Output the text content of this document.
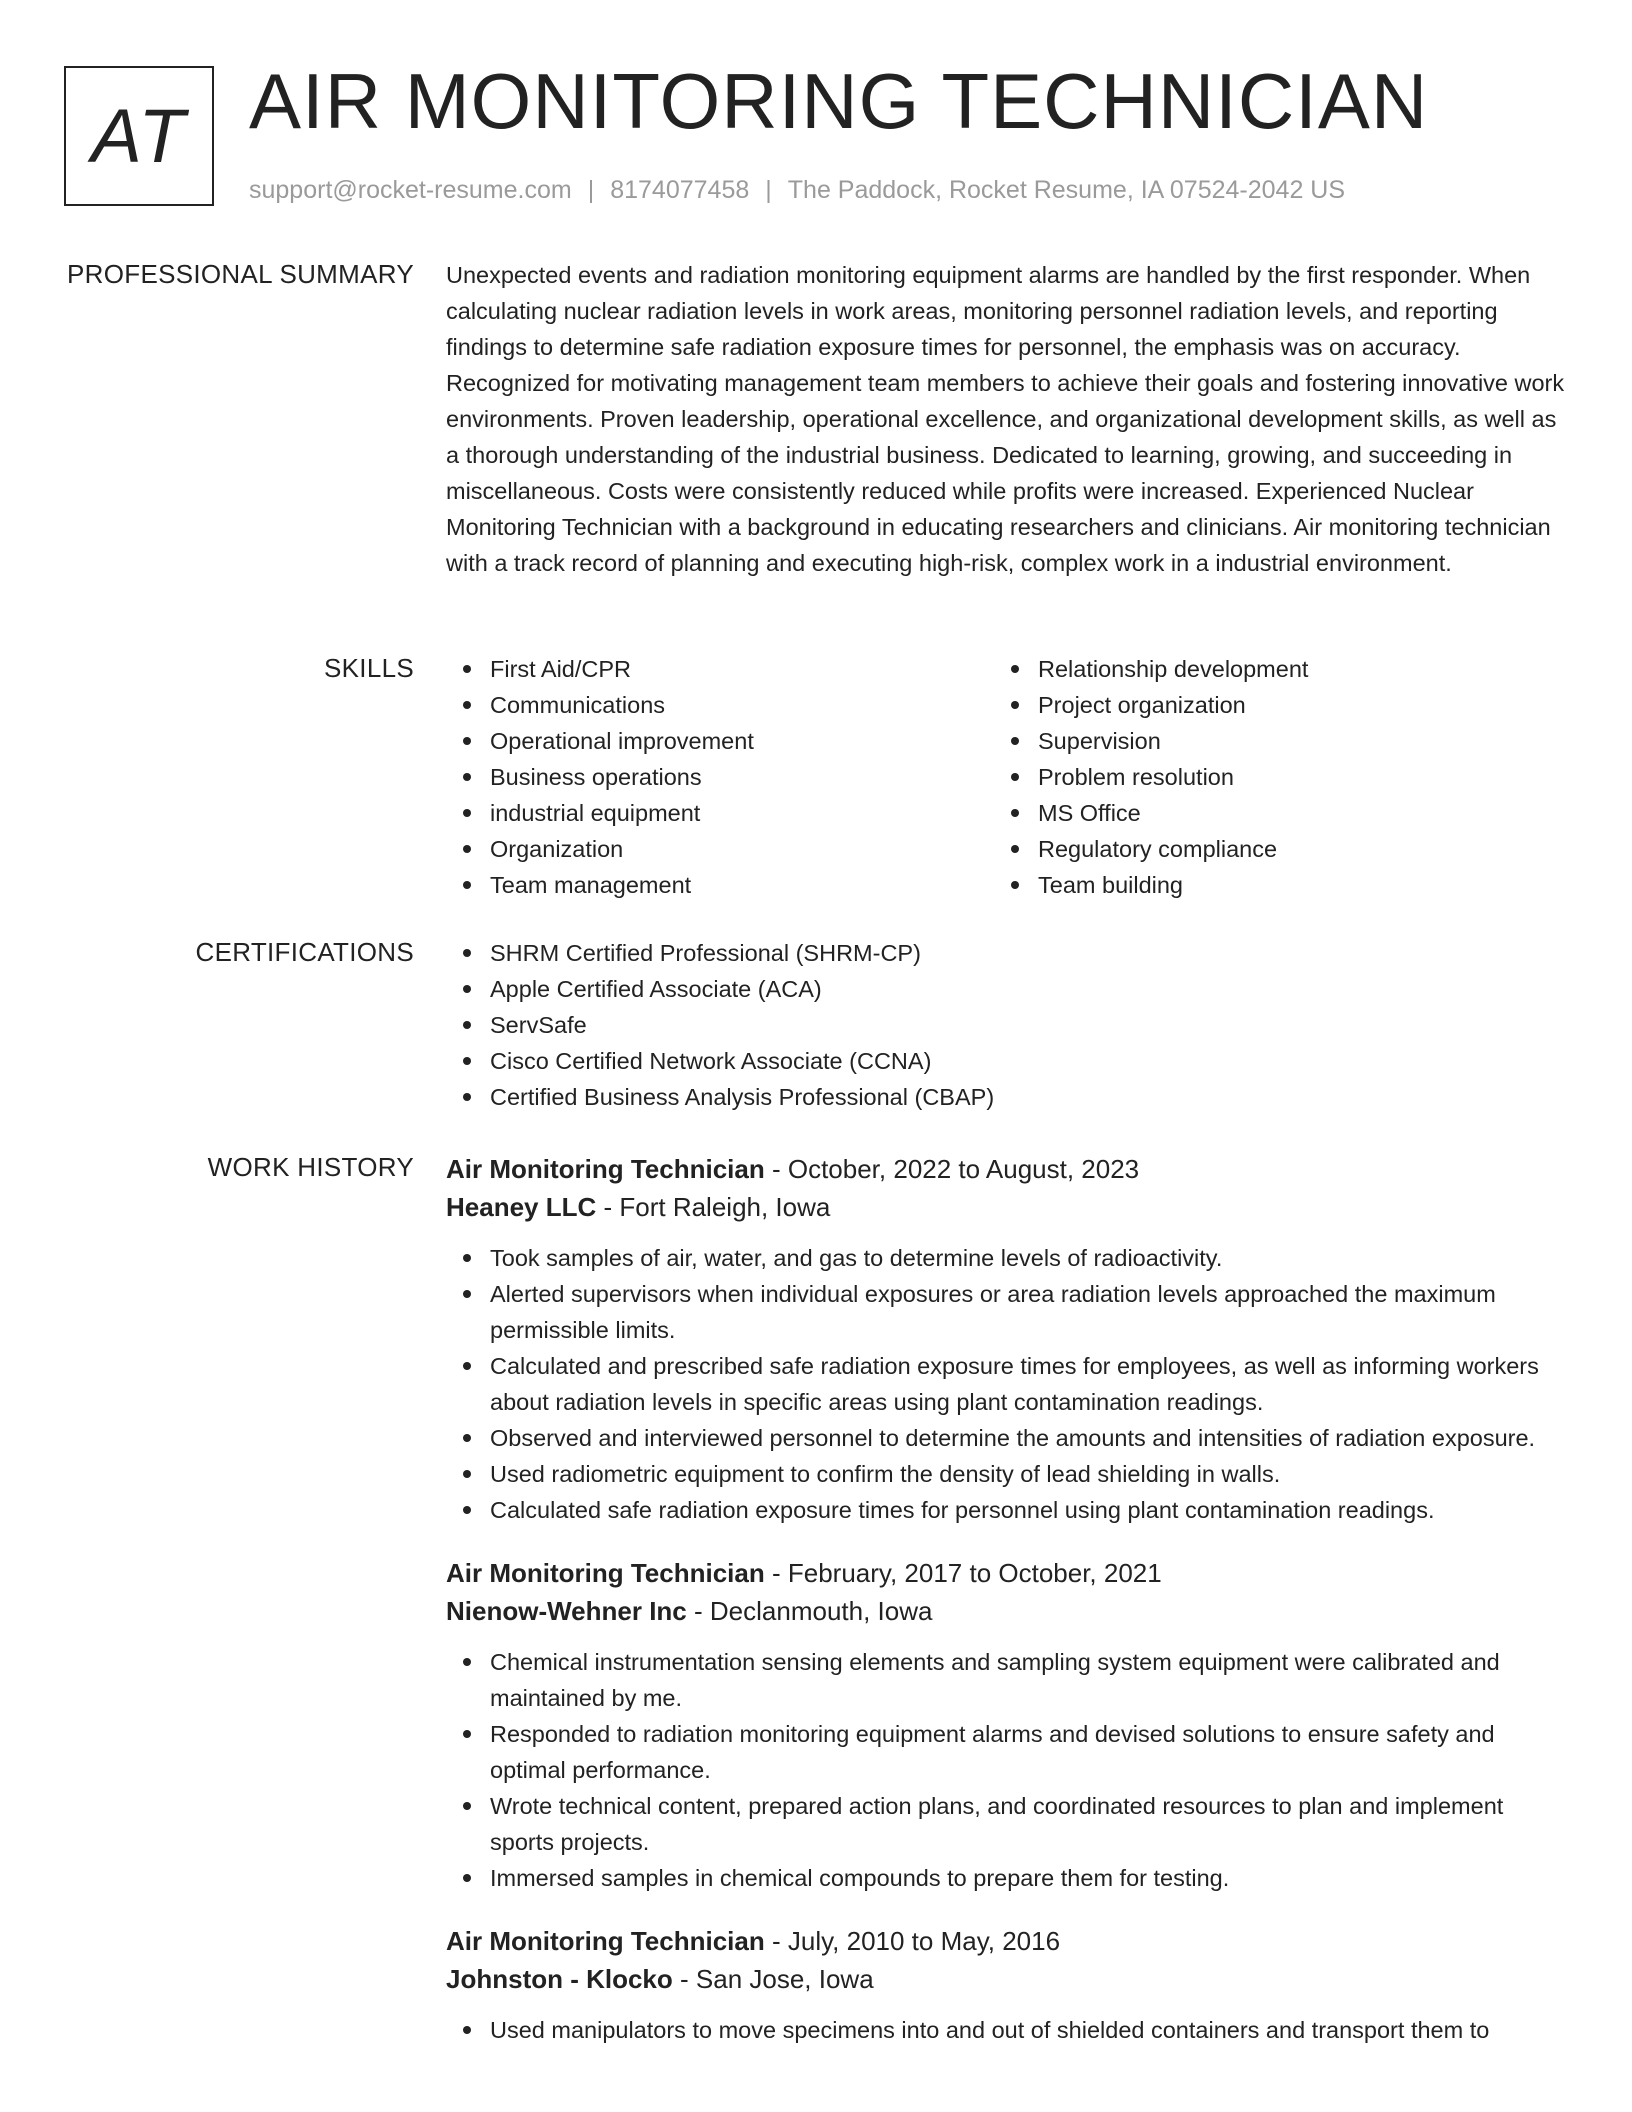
AT AIR MONITORING TECHNICIAN
support@rocket-resume.com | 8174077458 | The Paddock, Rocket Resume, IA 07524-2042 US
PROFESSIONAL SUMMARY Unexpected events and radiation monitoring equipment alarms are handled by the first responder. When calculating nuclear radiation levels in work areas, monitoring personnel radiation levels, and reporting findings to determine safe radiation exposure times for personnel, the emphasis was on accuracy. Recognized for motivating management team members to achieve their goals and fostering innovative work environments. Proven leadership, operational excellence, and organizational development skills, as well as a thorough understanding of the industrial business. Dedicated to learning, growing, and succeeding in miscellaneous. Costs were consistently reduced while profits were increased. Experienced Nuclear Monitoring Technician with a background in educating researchers and clinicians. Air monitoring technician with a track record of planning and executing high-risk, complex work in a industrial environment.

SKILLS	First Aid/CPR
Communications
Operational improvement
Business operations
industrial equipment
Organization
Team management
Relationship development
Project organization
Supervision
Problem resolution
MS Office
Regulatory compliance
Team building
CERTIFICATIONS	SHRM Certified Professional (SHRM-CP)
Apple Certified Associate (ACA)
ServSafe
Cisco Certified Network Associate (CCNA)
Certified Business Analysis Professional (CBAP)
WORK HISTORY Air Monitoring Technician - October, 2022 to August, 2023
Heaney LLC - Fort Raleigh, Iowa
Took samples of air, water, and gas to determine levels of radioactivity.
Alerted supervisors when individual exposures or area radiation levels approached the maximum permissible limits.
Calculated and prescribed safe radiation exposure times for employees, as well as informing workers about radiation levels in specific areas using plant contamination readings.
Observed and interviewed personnel to determine the amounts and intensities of radiation exposure.
Used radiometric equipment to confirm the density of lead shielding in walls.
Calculated safe radiation exposure times for personnel using plant contamination readings.
Air Monitoring Technician - February, 2017 to October, 2021
Nienow-Wehner Inc - Declanmouth, Iowa
Chemical instrumentation sensing elements and sampling system equipment were calibrated and maintained by me.
Responded to radiation monitoring equipment alarms and devised solutions to ensure safety and optimal performance.
Wrote technical content, prepared action plans, and coordinated resources to plan and implement sports projects.
Immersed samples in chemical compounds to prepare them for testing.
Air Monitoring Technician - July, 2010 to May, 2016
Johnston - Klocko - San Jose, Iowa
Used manipulators to move specimens into and out of shielded containers and transport them to
